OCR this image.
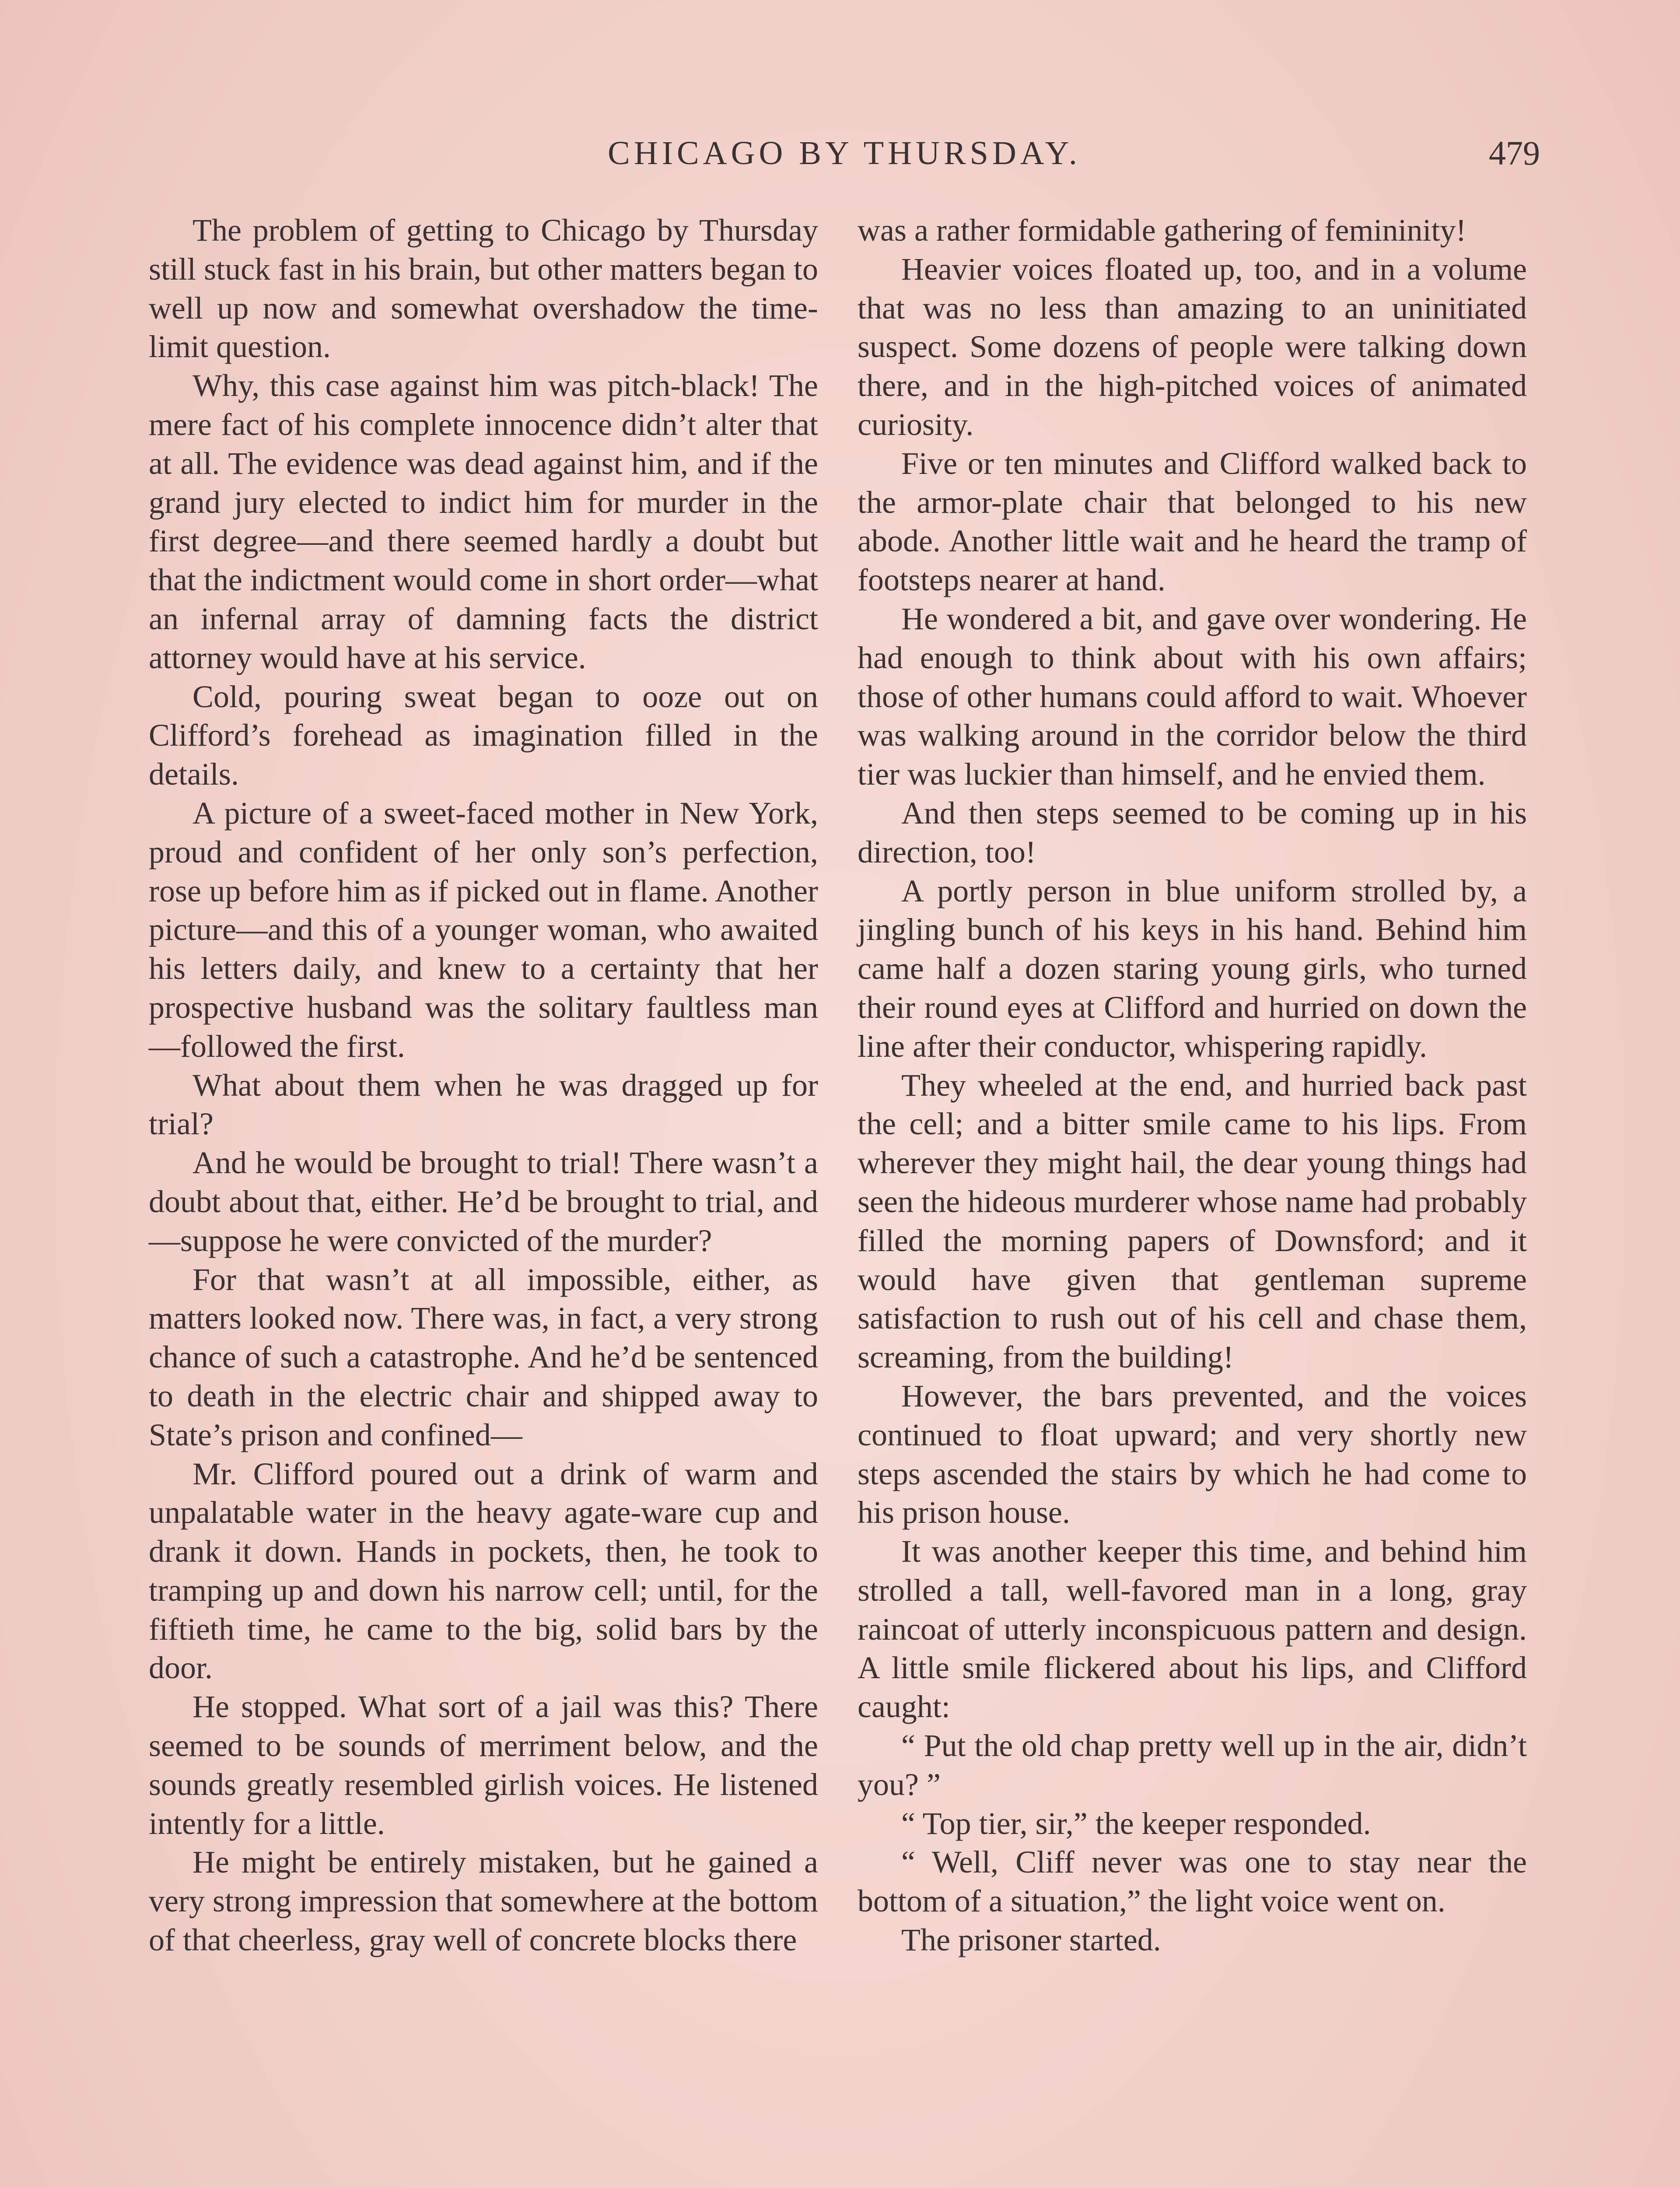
CHICAGO BY THURSDAY.	479

The problem of getting to Chicago by Thursday still stuck fast in his brain, but other matters began to well up now and somewhat overshadow the time-limit question.

Why, this case against him was pitch-black! The mere fact of his complete innocence didn’t alter that at all. The evidence was dead against him, and if the grand jury elected to indict him for murder in the first degree—and there seemed hardly a doubt but that the indictment would come in short order—what an infernal array of damning facts the district attorney would have at his service.

Cold, pouring sweat began to ooze out on Clifford’s forehead as imagination filled in the details.

A picture of a sweet-faced mother in New York, proud and confident of her only son’s perfection, rose up before him as if picked out in flame. Another picture—and this of a younger woman, who awaited his letters daily, and knew to a certainty that her prospective husband was the solitary faultless man—followed the first.

What about them when he was dragged up for trial?

And he would be brought to trial! There wasn’t a doubt about that, either. He’d be brought to trial, and—suppose he were convicted of the murder?

For that wasn’t at all impossible, either, as matters looked now. There was, in fact, a very strong chance of such a catastrophe. And he’d be sentenced to death in the electric chair and shipped away to State’s prison and confined—

Mr. Clifford poured out a drink of warm and unpalatable water in the heavy agate-ware cup and drank it down. Hands in pockets, then, he took to tramping up and down his narrow cell; until, for the fiftieth time, he came to the big, solid bars by the door.

He stopped. What sort of a jail was this? There seemed to be sounds of merriment below, and the sounds greatly resembled girlish voices. He listened intently for a little.

He might be entirely mistaken, but he gained a very strong impression that somewhere at the bottom of that cheerless, gray well of concrete blocks there

was a rather formidable gathering of femininity!

Heavier voices floated up, too, and in a volume that was no less than amazing to an uninitiated suspect. Some dozens of people were talking down there, and in the high-pitched voices of animated curiosity.

Five or ten minutes and Clifford walked back to the armor-plate chair that belonged to his new abode. Another little wait and he heard the tramp of footsteps nearer at hand.

He wondered a bit, and gave over wondering. He had enough to think about with his own affairs; those of other humans could afford to wait. Whoever was walking around in the corridor below the third tier was luckier than himself, and he envied them.

And then steps seemed to be coming up in his direction, too!

A portly person in blue uniform strolled by, a jingling bunch of his keys in his hand. Behind him came half a dozen staring young girls, who turned their round eyes at Clifford and hurried on down the line after their conductor, whispering rapidly.

They wheeled at the end, and hurried back past the cell; and a bitter smile came to his lips. From wherever they might hail, the dear young things had seen the hideous murderer whose name had probably filled the morning papers of Downsford; and it would have given that gentleman supreme satisfaction to rush out of his cell and chase them, screaming, from the building!

However, the bars prevented, and the voices continued to float upward; and very shortly new steps ascended the stairs by which he had come to his prison house.

It was another keeper this time, and behind him strolled a tall, well-favored man in a long, gray raincoat of utterly inconspicuous pattern and design. A little smile flickered about his lips, and Clifford caught:

“ Put the old chap pretty well up in the air, didn’t you? ”

“ Top tier, sir,” the keeper responded.

“ Well, Cliff never was one to stay near the bottom of a situation,” the light voice went on.

The prisoner started.
